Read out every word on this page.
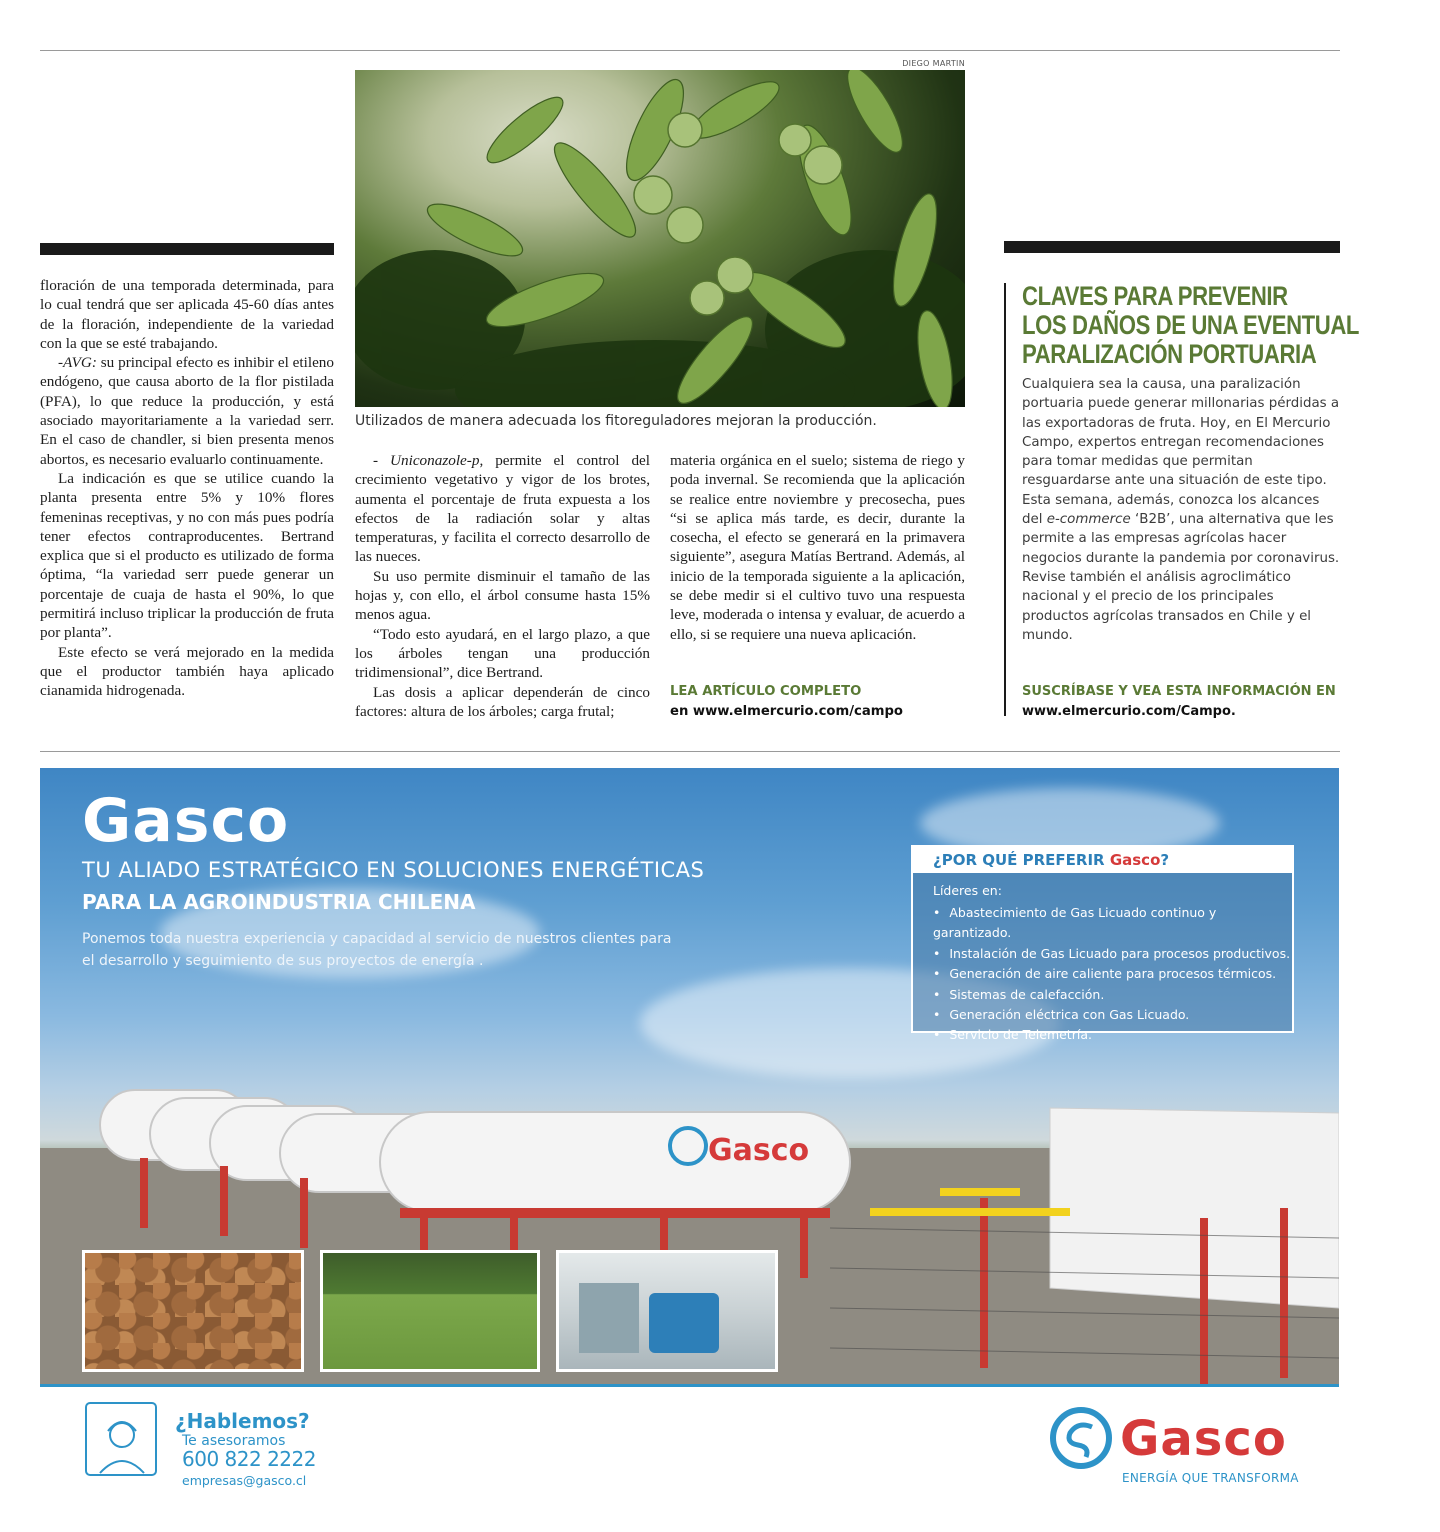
DIEGO MARTIN
Utilizados de manera adecuada los fitoreguladores mejoran la producción.

floración de una temporada determinada, para lo cual tendrá que ser aplicada 45-60 días antes de la floración, independiente de la variedad con la que se esté trabajando.

-AVG: su principal efecto es inhibir el etileno endógeno, que causa aborto de la flor pistilada (PFA), lo que reduce la producción, y está asociado mayoritariamente a la variedad serr. En el caso de chandler, si bien presenta menos abortos, es necesario evaluarlo continuamente.

La indicación es que se utilice cuando la planta presenta entre 5% y 10% flores femeninas receptivas, y no con más pues podría tener efectos contraproducentes. Bertrand explica que si el producto es utilizado de forma óptima, “la variedad serr puede generar un porcentaje de cuaja de hasta el 90%, lo que permitirá incluso triplicar la producción de fruta por planta”.

Este efecto se verá mejorado en la medida que el productor también haya aplicado cianamida hidrogenada.

- Uniconazole-p, permite el control del crecimiento vegetativo y vigor de los brotes, aumenta el porcentaje de fruta expuesta a los efectos de la radiación solar y altas temperaturas, y facilita el correcto desarrollo de las nueces.

Su uso permite disminuir el tamaño de las hojas y, con ello, el árbol consume hasta 15% menos agua.

“Todo esto ayudará, en el largo plazo, a que los árboles tengan una producción tridimensional”, dice Bertrand.

Las dosis a aplicar dependerán de cinco factores: altura de los árboles; carga frutal;

materia orgánica en el suelo; sistema de riego y poda invernal. Se recomienda que la aplicación se realice entre noviembre y precosecha, pues “si se aplica más tarde, es decir, durante la cosecha, el efecto se generará en la primavera siguiente”, asegura Matías Bertrand. Además, al inicio de la temporada siguiente a la aplicación, se debe medir si el cultivo tuvo una respuesta leve, moderada o intensa y evaluar, de acuerdo a ello, si se requiere una nueva aplicación.

LEA ARTÍCULO COMPLETO
en www.elmercurio.com/campo
CLAVES PARA PREVENIR
LOS DAÑOS DE UNA EVENTUAL
PARALIZACIÓN PORTUARIA

Cualquiera sea la causa, una paralización portuaria puede generar millonarias pérdidas a las exportadoras de fruta. Hoy, en El Mercurio Campo, expertos entregan recomendaciones para tomar medidas que permitan resguardarse ante una situación de este tipo.

Esta semana, además, conozca los alcances del e-commerce ‘B2B’, una alternativa que les permite a las empresas agrícolas hacer negocios durante la pandemia por coronavirus. Revise también el análisis agroclimático nacional y el precio de los principales productos agrícolas transados en Chile y el mundo.

SUSCRÍBASE Y VEA ESTA INFORMACIÓN EN
www.elmercurio.com/Campo.
Gasco
Gasco
TU ALIADO ESTRATÉGICO EN SOLUCIONES ENERGÉTICAS
PARA LA AGROINDUSTRIA CHILENA
Ponemos toda nuestra experiencia y capacidad al servicio de nuestros clientes para el desarrollo y seguimiento de sus proyectos de energía .
¿POR QUÉ PREFERIR Gasco?
Líderes en:
• Abastecimiento de Gas Licuado continuo y garantizado.
• Instalación de Gas Licuado para procesos productivos.
• Generación de aire caliente para procesos térmicos.
• Sistemas de calefacción.
• Generación eléctrica con Gas Licuado.
• Servicio de Telemetría.
¿Hablemos?
Te asesoramos
600 822 2222
empresas@gasco.cl
Gasco
ENERGÍA QUE TRANSFORMA
